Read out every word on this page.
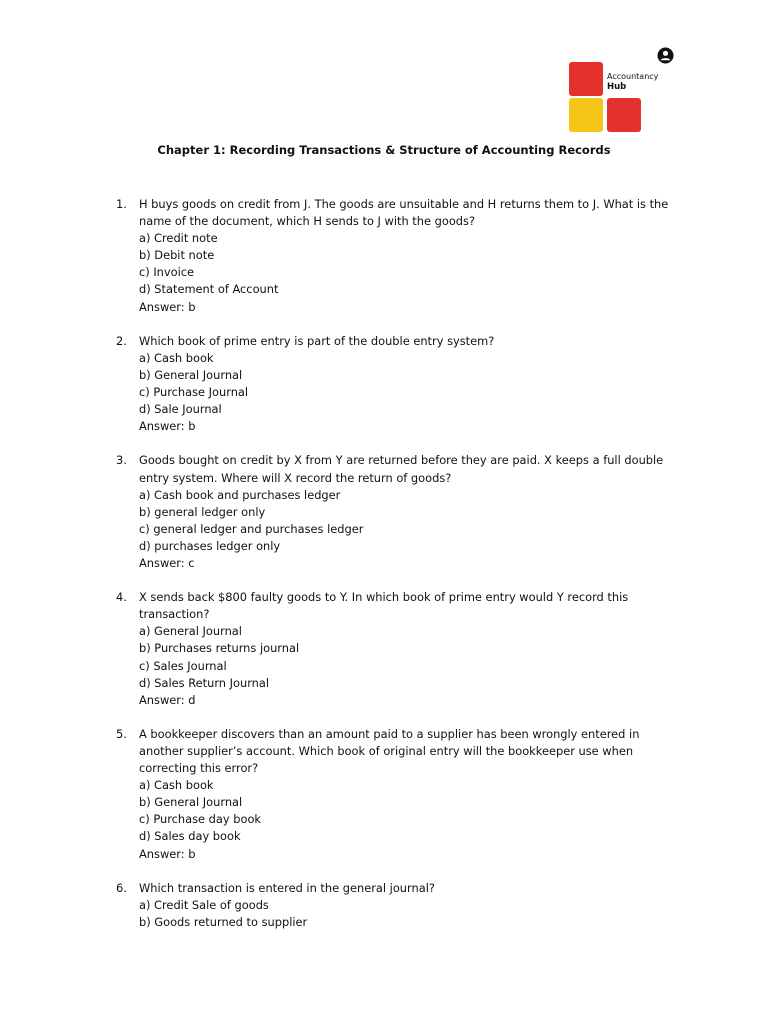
Accountancy
Hub
Chapter 1: Recording Transactions & Structure of Accounting Records
1. H buys goods on credit from J. The goods are unsuitable and H returns them to J. What is the name of the document, which H sends to J with the goods?
a) Credit note
b) Debit note
c) Invoice
d) Statement of Account
Answer: b
2. Which book of prime entry is part of the double entry system?
a) Cash book
b) General Journal
c) Purchase Journal
d) Sale Journal
Answer: b
3. Goods bought on credit by X from Y are returned before they are paid. X keeps a full double entry system. Where will X record the return of goods?
a) Cash book and purchases ledger
b) general ledger only
c) general ledger and purchases ledger
d) purchases ledger only
Answer: c
4. X sends back $800 faulty goods to Y. In which book of prime entry would Y record this transaction?
a) General Journal
b) Purchases returns journal
c) Sales Journal
d) Sales Return Journal
Answer: d
5. A bookkeeper discovers than an amount paid to a supplier has been wrongly entered in another supplier’s account. Which book of original entry will the bookkeeper use when correcting this error?
a) Cash book
b) General Journal
c) Purchase day book
d) Sales day book
Answer: b
6. Which transaction is entered in the general journal?
a) Credit Sale of goods
b) Goods returned to supplier
